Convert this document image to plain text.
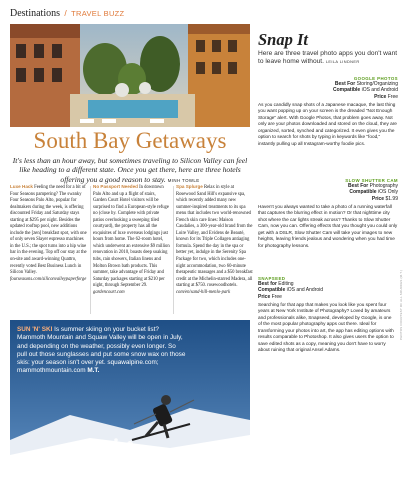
Destinations / TRAVEL BUZZ
South Bay Getaways
It's less than an hour away, but sometimes traveling to Silicon Valley can feel like heading to a different state. Once you get there, here are three hotels offering you a good reason to stay. MINH TOWLE
Luxe Hack Feeling the need for a bit of Four Seasons pampering? The swanky Four Seasons Palo Alto, popular for dealmakers during the week, is offering discounted Friday and Saturday stays starting at $295 per night. Besides the updated rooftop pool, new additions include the [zen] breakfast spot, with one of only seven Slayer espresso machines in the U.S.; the spot turns into a hip wine bar in the evening. Top off our stay at the on-site and award-winning Quattro, recently voted Best Business Lunch in Silicon Valley. fourseasons.com/siliconvalleypaperforge
No Passport Needed In downtown Palo Alto and up a flight of stairs, Garden Court Hotel visitors will be surprised to find a European-style refuge no (close by. Complete with private patios overlooking a sweeping tiled courtyard), the property has all the exquisites of luxe overseas lodgings just hours from home. The 62-room hotel, which underwent an extensive $9 million renovation in 2010, boasts deep soaking tubs, rain showers, Italian linens and Molton Brown bath products. This summer, take advantage of Friday and Saturday packages starting at $210 per night, through September 29. gardencourt.com
Spa Splurge Relax in style at Rosewood Sand Hill's expansive spa, which recently added many new summer-inspired treatments to its spa menu that includes two world-renowned French skin care lines: Maison Caudalies, a 300-year-old brand from the Loire Valley, and Evidens de Beauté, known for its Triple Collagen antiaging formula. Spend the day in the spa or better yet, indulge in the Serenity Spa Package for two, which includes one-night accommodation, two 60-minute therapeutic massages and a $50 breakfast credit at the Michelin-starred Madera, all starting at $750. rosewoodhotels. com/en/sand-hill-menlo-park
SUN 'N' SKI Is summer skiing on your bucket list? Mammoth Mountain and Squaw Valley will be open in July, and depending on the weather, possibly even longer. So pull out those sunglasses and put some snow wax on those skis: your season isn't over yet. squawalpine.com; mammothmountain.com M.T.
Snap It
Here are three travel photo apps you don't want to leave home without. LEILA LINDNER
GOOGLE PHOTOS
Best For Storing/Organizing
Compatible iOS and Android
Price Free
As you candidly snap shots of a Japanese macaque, the last thing you want popping up on your screen is the dreaded "Not Enough Storage" alert. With Google Photos, that problem goes away. Not only are your photos downloaded and stored on the cloud, they are organized, sorted, synched and categorized. It even gives you the option to search for shots by typing in keywords like "food," instantly pulling up all Instagram-worthy foodie pics.
SLOW SHUTTER CAM
Best For Photography
Compatible iOS Only
Price $1.99
Haven't you always wanted to take a photo of a running waterfall that captures the blurring effect in motion? Or that nighttime city shot where the car lights streak across? Thanks to Slow Shutter Cam, now you can. Offering effects that you thought you could only get with a DSLR, Slow Shutter Cam will take your images to new heights, leaving friends jealous and wondering when you had time for photography lessons.
SNAPSEED
Best for Editing
Compatible iOS and Android
Price Free
Searching for that app that makes you look like you spent four years at New York Institute of Photography? Loved by amateurs and professionals alike, Snapseed, developed by Google, is one of the most popular photography apps out there. Ideal for transforming your photos into art, the app has editing options with results comparable to Photoshop. It also gives users the option to save edited shots as a copy, meaning you don't have to worry about ruining that original Ansel Adams.
PHOTOS COURTESY OF ALL SOURCES (M.T.)
